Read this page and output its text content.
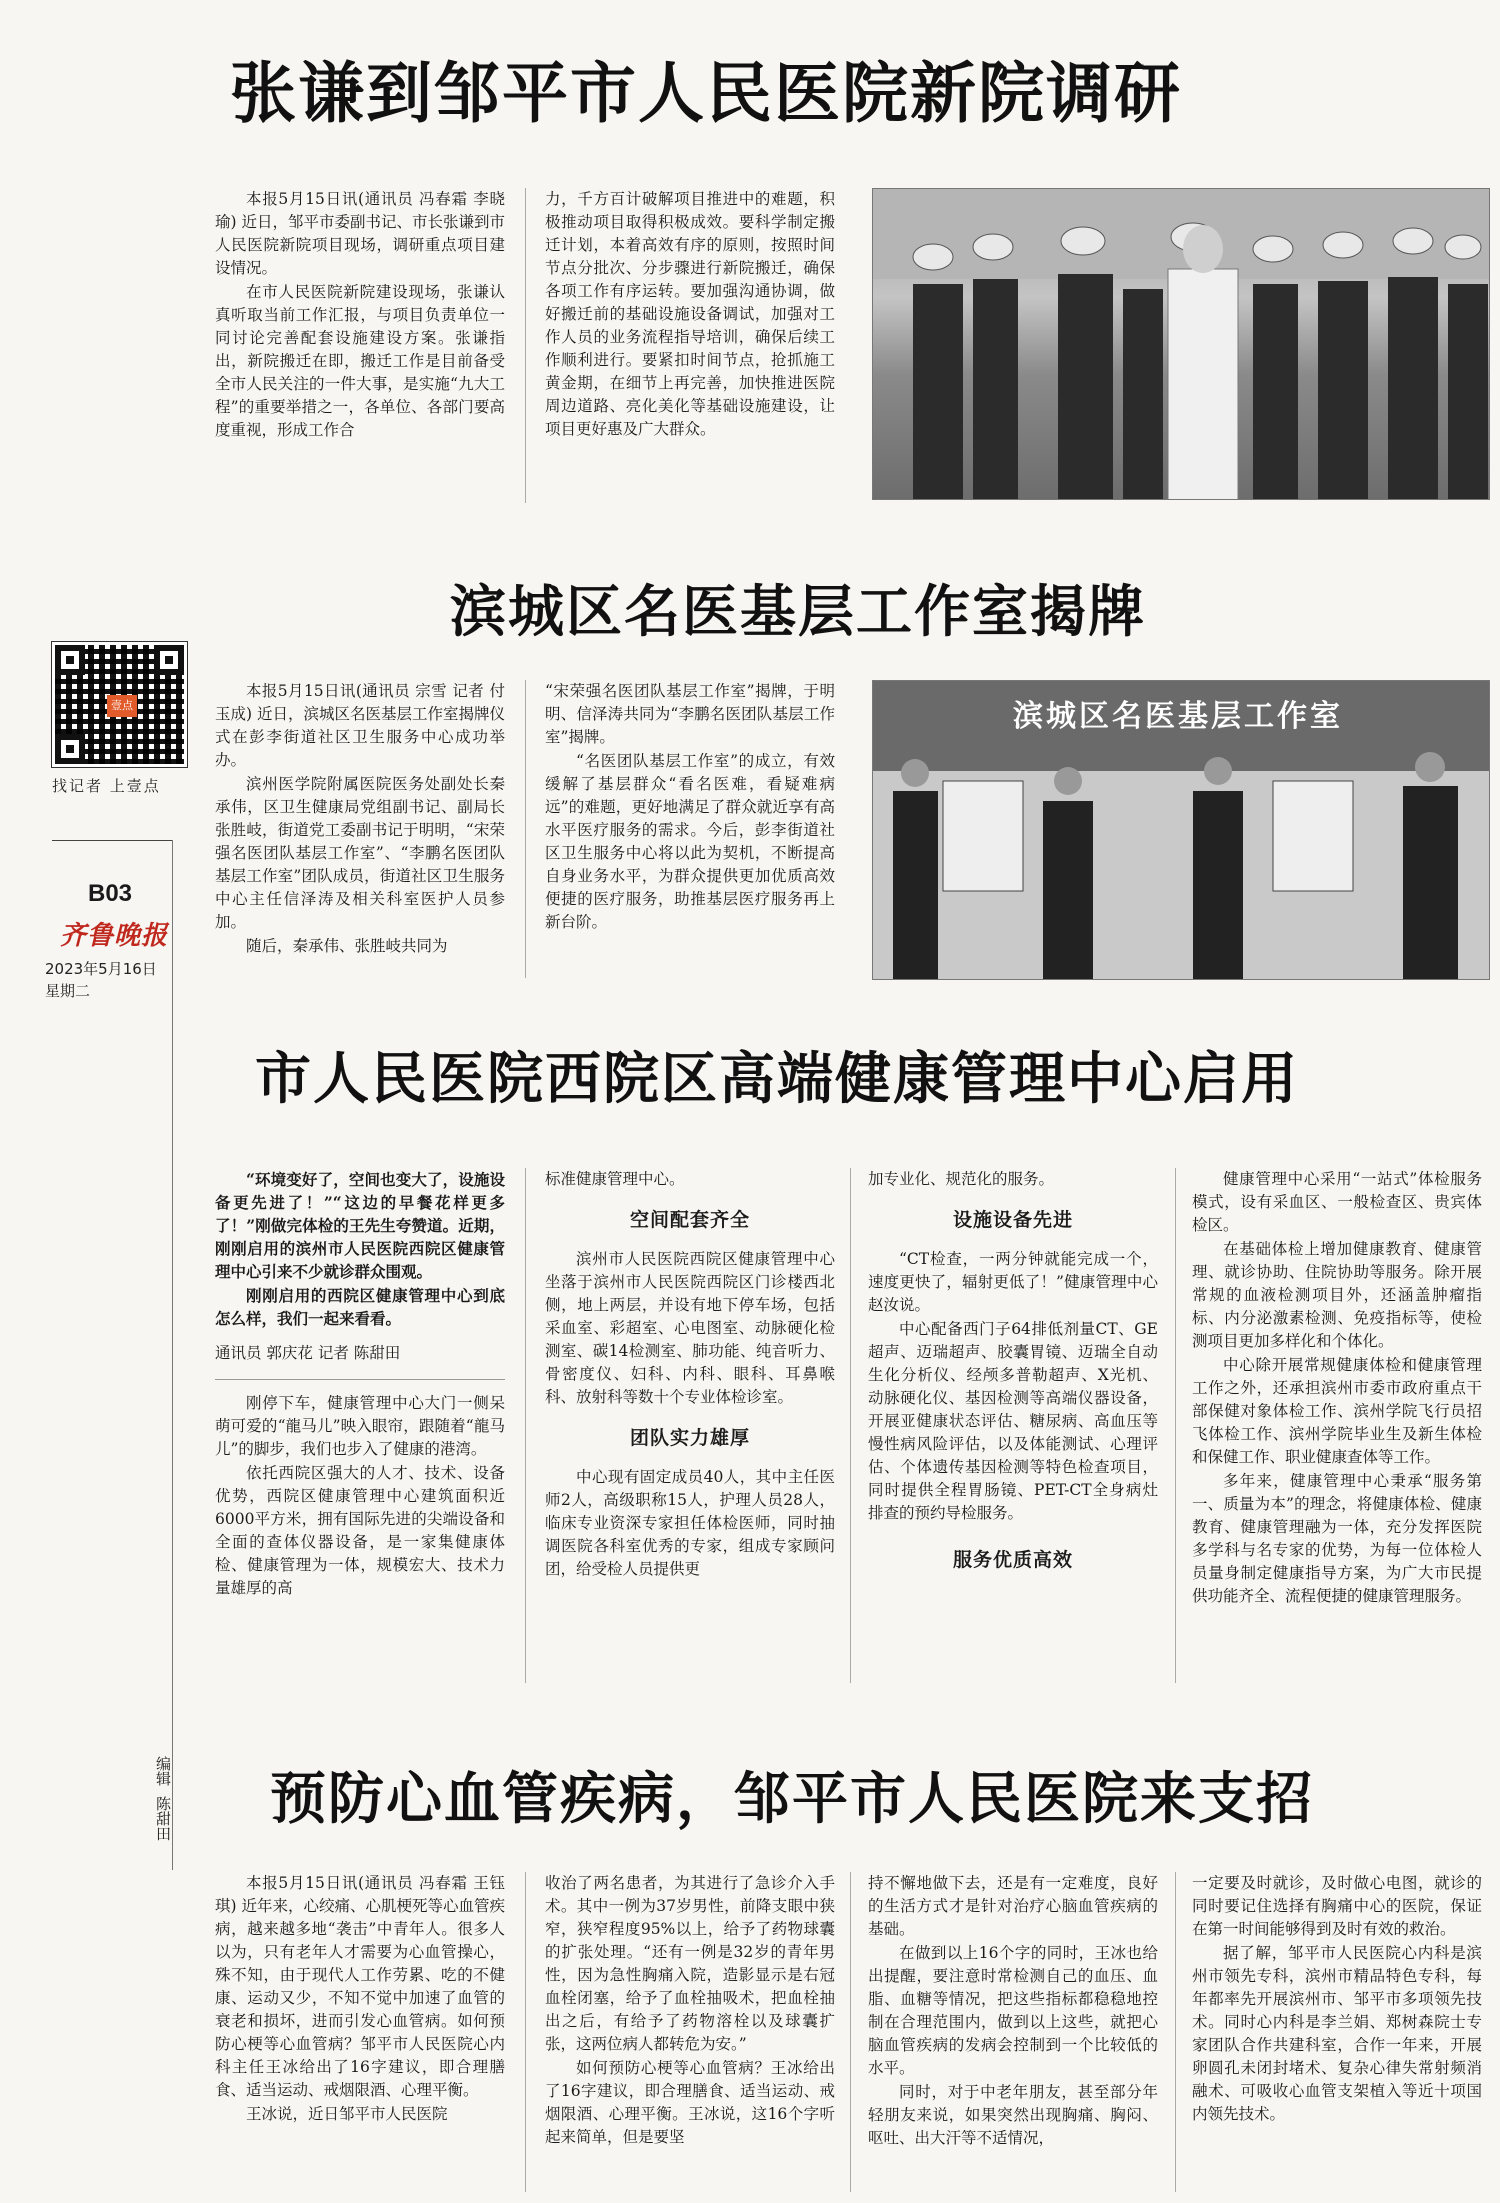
壹点
找记者 上壹点
B03
齐鲁晚报
2023年5月16日
星期二
编辑
陈甜田
张谦到邹平市人民医院新院调研

本报5月15日讯(通讯员 冯春霜 李晓瑜) 近日，邹平市委副书记、市长张谦到市人民医院新院项目现场，调研重点项目建设情况。

在市人民医院新院建设现场，张谦认真听取当前工作汇报，与项目负责单位一同讨论完善配套设施建设方案。张谦指出，新院搬迁在即，搬迁工作是目前备受全市人民关注的一件大事，是实施“九大工程”的重要举措之一，各单位、各部门要高度重视，形成工作合

力，千方百计破解项目推进中的难题，积极推动项目取得积极成效。要科学制定搬迁计划，本着高效有序的原则，按照时间节点分批次、分步骤进行新院搬迁，确保各项工作有序运转。要加强沟通协调，做好搬迁前的基础设施设备调试，加强对工作人员的业务流程指导培训，确保后续工作顺利进行。要紧扣时间节点，抢抓施工黄金期，在细节上再完善，加快推进医院周边道路、亮化美化等基础设施建设，让项目更好惠及广大群众。

滨城区名医基层工作室揭牌

本报5月15日讯(通讯员 宗雪 记者 付玉成) 近日，滨城区名医基层工作室揭牌仪式在彭李街道社区卫生服务中心成功举办。

滨州医学院附属医院医务处副处长秦承伟，区卫生健康局党组副书记、副局长张胜岐，街道党工委副书记于明明，“宋荣强名医团队基层工作室”、“李鹏名医团队基层工作室”团队成员，街道社区卫生服务中心主任信泽涛及相关科室医护人员参加。

随后，秦承伟、张胜岐共同为

“宋荣强名医团队基层工作室”揭牌，于明明、信泽涛共同为“李鹏名医团队基层工作室”揭牌。

“名医团队基层工作室”的成立，有效缓解了基层群众“看名医难，看疑难病远”的难题，更好地满足了群众就近享有高水平医疗服务的需求。今后，彭李街道社区卫生服务中心将以此为契机，不断提高自身业务水平，为群众提供更加优质高效便捷的医疗服务，助推基层医疗服务再上新台阶。

滨城区名医基层工作室
市人民医院西院区高端健康管理中心启用

“环境变好了，空间也变大了，设施设备更先进了！”“这边的早餐花样更多了！”刚做完体检的王先生夸赞道。近期，刚刚启用的滨州市人民医院西院区健康管理中心引来不少就诊群众围观。

刚刚启用的西院区健康管理中心到底怎么样，我们一起来看看。

通讯员 郭庆花 记者 陈甜田

刚停下车，健康管理中心大门一侧呆萌可爱的“龍马儿”映入眼帘，跟随着“龍马儿”的脚步，我们也步入了健康的港湾。

依托西院区强大的人才、技术、设备优势，西院区健康管理中心建筑面积近6000平方米，拥有国际先进的尖端设备和全面的查体仪器设备，是一家集健康体检、健康管理为一体，规模宏大、技术力量雄厚的高

标准健康管理中心。

空间配套齐全

滨州市人民医院西院区健康管理中心坐落于滨州市人民医院西院区门诊楼西北侧，地上两层，并设有地下停车场，包括采血室、彩超室、心电图室、动脉硬化检测室、碳14检测室、肺功能、纯音听力、骨密度仪、妇科、内科、眼科、耳鼻喉科、放射科等数十个专业体检诊室。

团队实力雄厚

中心现有固定成员40人，其中主任医师2人，高级职称15人，护理人员28人，临床专业资深专家担任体检医师，同时抽调医院各科室优秀的专家，组成专家顾问团，给受检人员提供更

加专业化、规范化的服务。

设施设备先进

“CT检查，一两分钟就能完成一个，速度更快了，辐射更低了！”健康管理中心赵汝说。

中心配备西门子64排低剂量CT、GE超声、迈瑞超声、胶囊胃镜、迈瑞全自动生化分析仪、经颅多普勒超声、X光机、动脉硬化仪、基因检测等高端仪器设备，开展亚健康状态评估、糖尿病、高血压等慢性病风险评估，以及体能测试、心理评估、个体遗传基因检测等特色检查项目，同时提供全程胃肠镜、PET-CT全身病灶排查的预约导检服务。

服务优质高效

健康管理中心采用“一站式”体检服务模式，设有采血区、一般检查区、贵宾体检区。

在基础体检上增加健康教育、健康管理、就诊协助、住院协助等服务。除开展常规的血液检测项目外，还涵盖肿瘤指标、内分泌激素检测、免疫指标等，使检测项目更加多样化和个体化。

中心除开展常规健康体检和健康管理工作之外，还承担滨州市委市政府重点干部保健对象体检工作、滨州学院飞行员招飞体检工作、滨州学院毕业生及新生体检和保健工作、职业健康查体等工作。

多年来，健康管理中心秉承“服务第一、质量为本”的理念，将健康体检、健康教育、健康管理融为一体，充分发挥医院多学科与名专家的优势，为每一位体检人员量身制定健康指导方案，为广大市民提供功能齐全、流程便捷的健康管理服务。

预防心血管疾病，邹平市人民医院来支招

本报5月15日讯(通讯员 冯春霜 王钰琪) 近年来，心绞痛、心肌梗死等心血管疾病，越来越多地“袭击”中青年人。很多人以为，只有老年人才需要为心血管操心，殊不知，由于现代人工作劳累、吃的不健康、运动又少，不知不觉中加速了血管的衰老和损坏，进而引发心血管病。如何预防心梗等心血管病？邹平市人民医院心内科主任王冰给出了16字建议，即合理膳食、适当运动、戒烟限酒、心理平衡。

王冰说，近日邹平市人民医院

收治了两名患者，为其进行了急诊介入手术。其中一例为37岁男性，前降支眼中狭窄，狭窄程度95%以上，给予了药物球囊的扩张处理。“还有一例是32岁的青年男性，因为急性胸痛入院，造影显示是右冠血栓闭塞，给予了血栓抽吸术，把血栓抽出之后，有给予了药物溶栓以及球囊扩张，这两位病人都转危为安。”

如何预防心梗等心血管病？王冰给出了16字建议，即合理膳食、适当运动、戒烟限酒、心理平衡。王冰说，这16个字听起来简单，但是要坚

持不懈地做下去，还是有一定难度，良好的生活方式才是针对治疗心脑血管疾病的基础。

在做到以上16个字的同时，王冰也给出提醒，要注意时常检测自己的血压、血脂、血糖等情况，把这些指标都稳稳地控制在合理范围内，做到以上这些，就把心脑血管疾病的发病会控制到一个比较低的水平。

同时，对于中老年朋友，甚至部分年轻朋友来说，如果突然出现胸痛、胸闷、呕吐、出大汗等不适情况，

一定要及时就诊，及时做心电图，就诊的同时要记住选择有胸痛中心的医院，保证在第一时间能够得到及时有效的救治。

据了解，邹平市人民医院心内科是滨州市领先专科，滨州市精品特色专科，每年都率先开展滨州市、邹平市多项领先技术。同时心内科是李兰娟、郑树森院士专家团队合作共建科室，合作一年来，开展卵圆孔未闭封堵术、复杂心律失常射频消融术、可吸收心血管支架植入等近十项国内领先技术。
